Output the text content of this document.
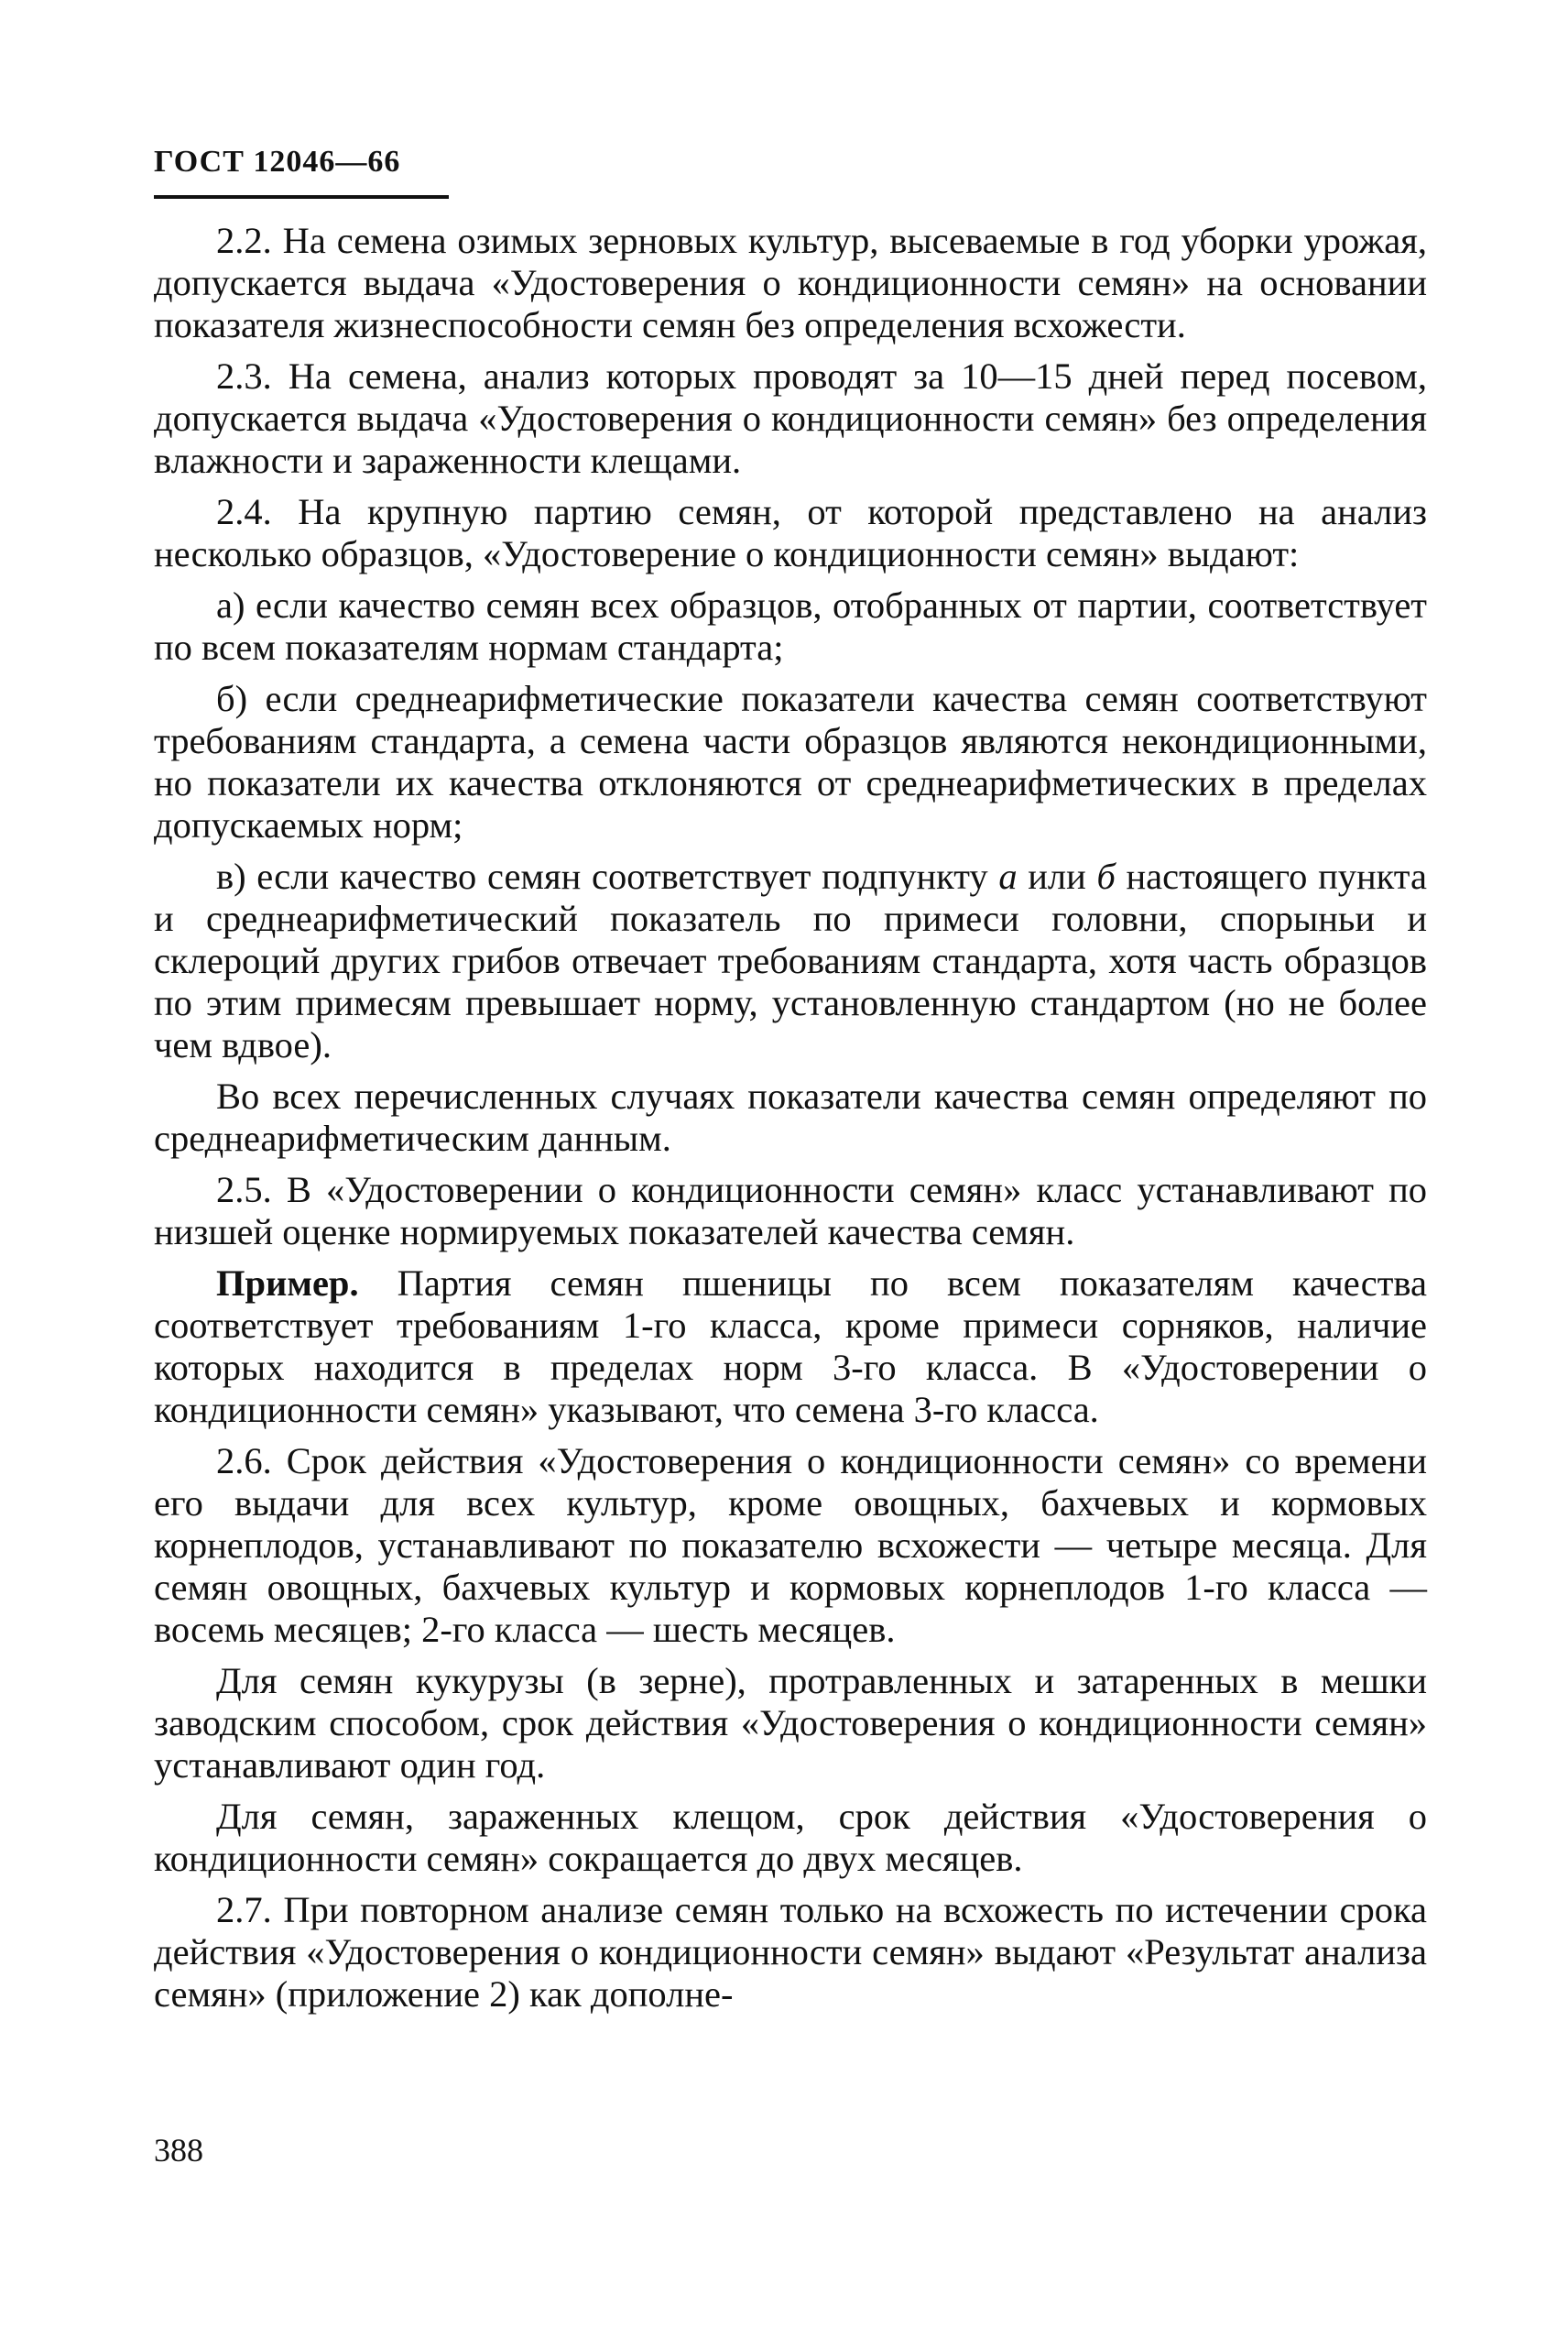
ГОСТ 12046—66

2.2. На семена озимых зерновых культур, высеваемые в год уборки урожая, допускается выдача «Удостоверения о кондиционности семян» на основании показателя жизнеспособности семян без определения всхожести.

2.3. На семена, анализ которых проводят за 10—15 дней перед посевом, допускается выдача «Удостоверения о кондиционности семян» без определения влажности и зараженности клещами.

2.4. На крупную партию семян, от которой представлено на анализ несколько образцов, «Удостоверение о кондиционности семян» выдают:

а) если качество семян всех образцов, отобранных от партии, соответствует по всем показателям нормам стандарта;

б) если среднеарифметические показатели качества семян соответствуют требованиям стандарта, а семена части образцов являются некондиционными, но показатели их качества отклоняются от среднеарифметических в пределах допускаемых норм;

в) если качество семян соответствует подпункту а или б настоящего пункта и среднеарифметический показатель по примеси головни, спорыньи и склероций других грибов отвечает требованиям стандарта, хотя часть образцов по этим примесям превышает норму, установленную стандартом (но не более чем вдвое).

Во всех перечисленных случаях показатели качества семян определяют по среднеарифметическим данным.

2.5. В «Удостоверении о кондиционности семян» класс устанавливают по низшей оценке нормируемых показателей качества семян.

Пример. Партия семян пшеницы по всем показателям качества соответствует требованиям 1-го класса, кроме примеси сорняков, наличие которых находится в пределах норм 3-го класса. В «Удостоверении о кондиционности семян» указывают, что семена 3-го класса.

2.6. Срок действия «Удостоверения о кондиционности семян» со времени его выдачи для всех культур, кроме овощных, бахчевых и кормовых корнеплодов, устанавливают по показателю всхожести — четыре месяца. Для семян овощных, бахчевых культур и кормовых корнеплодов 1-го класса — восемь месяцев; 2-го класса — шесть месяцев.

Для семян кукурузы (в зерне), протравленных и затаренных в мешки заводским способом, срок действия «Удостоверения о кондиционности семян» устанавливают один год.

Для семян, зараженных клещом, срок действия «Удостоверения о кондиционности семян» сокращается до двух месяцев.

2.7. При повторном анализе семян только на всхожесть по истечении срока действия «Удостоверения о кондиционности семян» выдают «Результат анализа семян» (приложение 2) как дополне-

388
